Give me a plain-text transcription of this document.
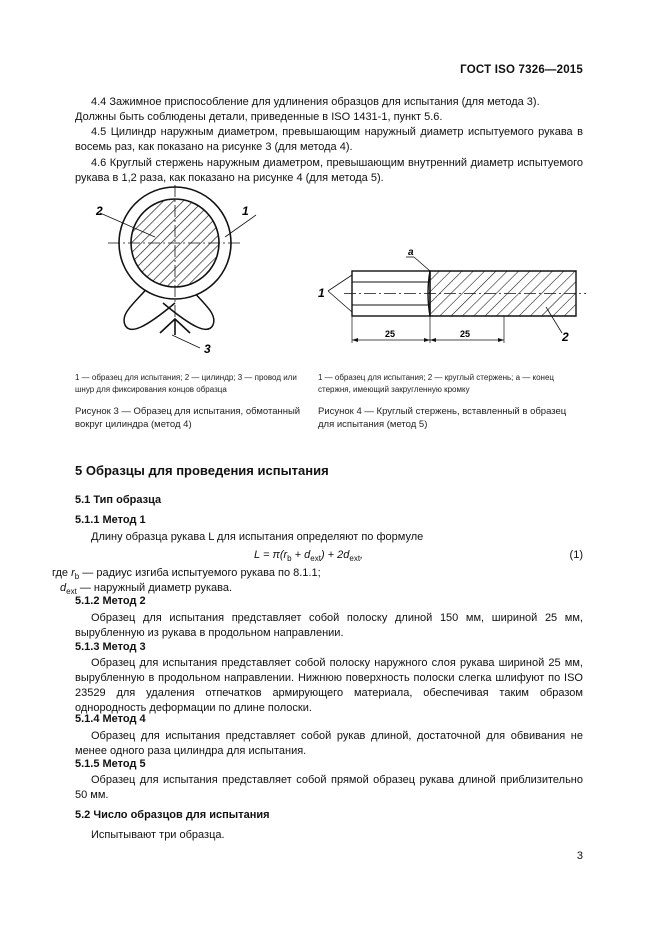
ГОСТ ISO 7326—2015
4.4 Зажимное приспособление для удлинения образцов для испытания (для метода 3).
Должны быть соблюдены детали, приведенные в ISO 1431-1, пункт 5.6.
4.5 Цилиндр наружным диаметром, превышающим наружный диаметр испытуемого рукава в восемь раз, как показано на рисунке 3 (для метода 4).
4.6 Круглый стержень наружным диаметром, превышающим внутренний диаметр испытуемого рукава в 1,2 раза, как показано на рисунке 4 (для метода 5).
2	1
3
25	25
1
a
2
1 — образец для испытания; 2 — цилиндр; 3 — провод или шнур для фиксирования концов образца
1 — образец для испытания; 2 — круглый стержень; a — конец стержня, имеющий закругленную кромку
Рисунок 3 — Образец для испытания, обмотанный вокруг цилиндра (метод 4)
Рисунок 4 — Круглый стержень, вставленный в образец для испытания (метод 5)
5 Образцы для проведения испытания
5.1 Тип образца
5.1.1 Метод 1
Длину образца рукава L для испытания определяют по формуле
$L = \pi(r_b + d_{ext}) + 2d_{ext}$,	(1)
где $r_b$ — радиус изгиба испытуемого рукава по 8.1.1;
$d_{ext}$ — наружный диаметр рукава.
5.1.2 Метод 2
Образец для испытания представляет собой полоску длиной 150 мм, шириной 25 мм, вырубленную из рукава в продольном направлении.
5.1.3 Метод 3
Образец для испытания представляет собой полоску наружного слоя рукава шириной 25 мм, вырубленную в продольном направлении. Нижнюю поверхность полоски слегка шлифуют по ISO 23529 для удаления отпечатков армирующего материала, обеспечивая таким образом однородность деформации по длине полоски.
5.1.4 Метод 4
Образец для испытания представляет собой рукав длиной, достаточной для обвивания не менее одного раза цилиндра для испытания.
5.1.5 Метод 5
Образец для испытания представляет собой прямой образец рукава длиной приблизительно 50 мм.
5.2 Число образцов для испытания
Испытывают три образца.
3
